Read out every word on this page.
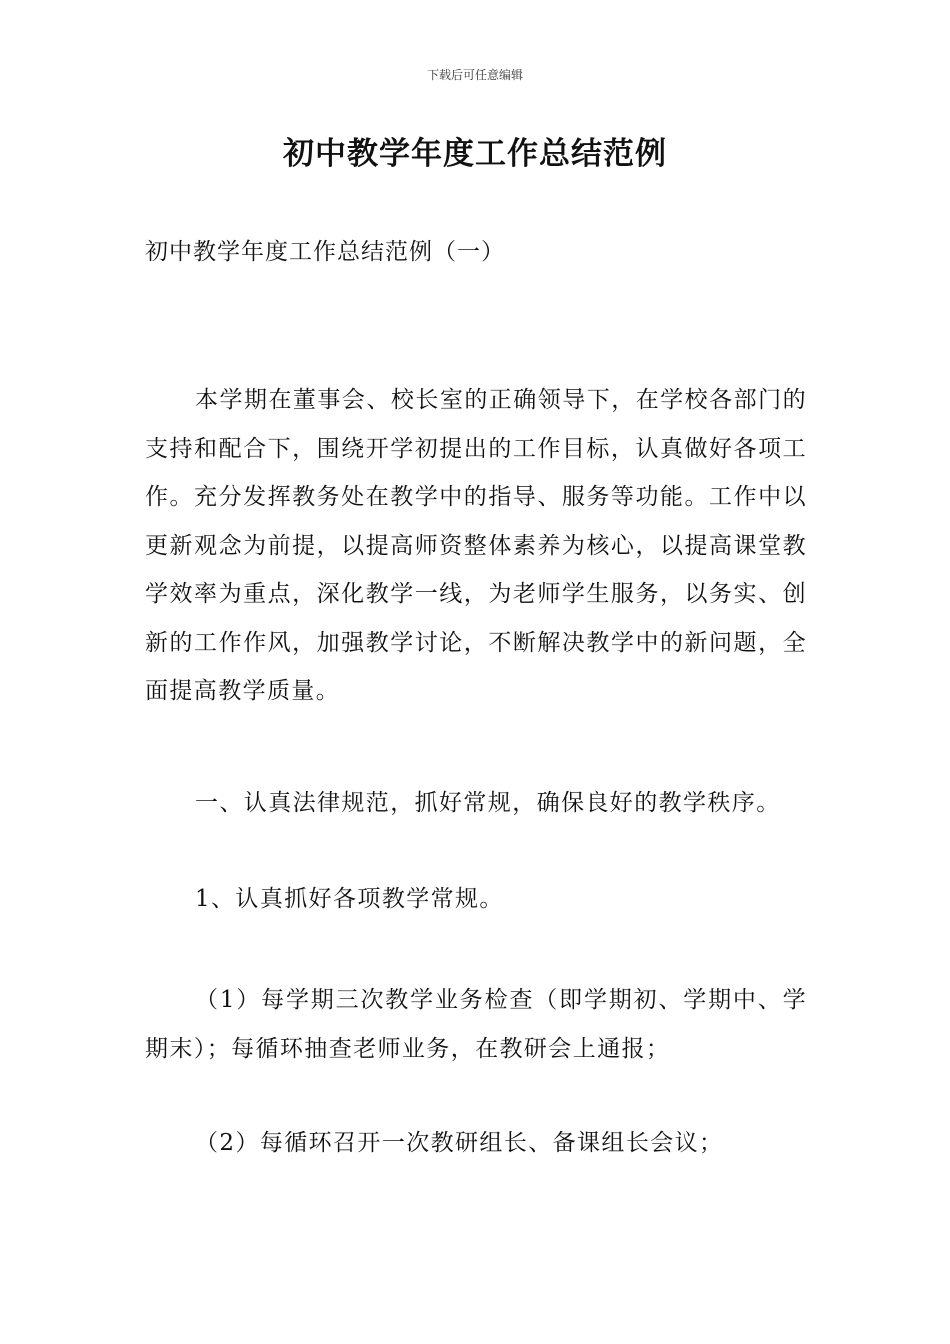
下载后可任意编辑
初中教学年度工作总结范例
初中教学年度工作总结范例（一）

本学期在董事会、校长室的正确领导下，在学校各部门的支持和配合下，围绕开学初提出的工作目标，认真做好各项工作。充分发挥教务处在教学中的指导、服务等功能。工作中以更新观念为前提，以提高师资整体素养为核心，以提高课堂教学效率为重点，深化教学一线，为老师学生服务，以务实、创新的工作作风，加强教学讨论，不断解决教学中的新问题，全面提高教学质量。

一、认真法律规范，抓好常规，确保良好的教学秩序。
1、认真抓好各项教学常规。

（1）每学期三次教学业务检查（即学期初、学期中、学期末）；每循环抽查老师业务，在教研会上通报；

（2）每循环召开一次教研组长、备课组长会议；
